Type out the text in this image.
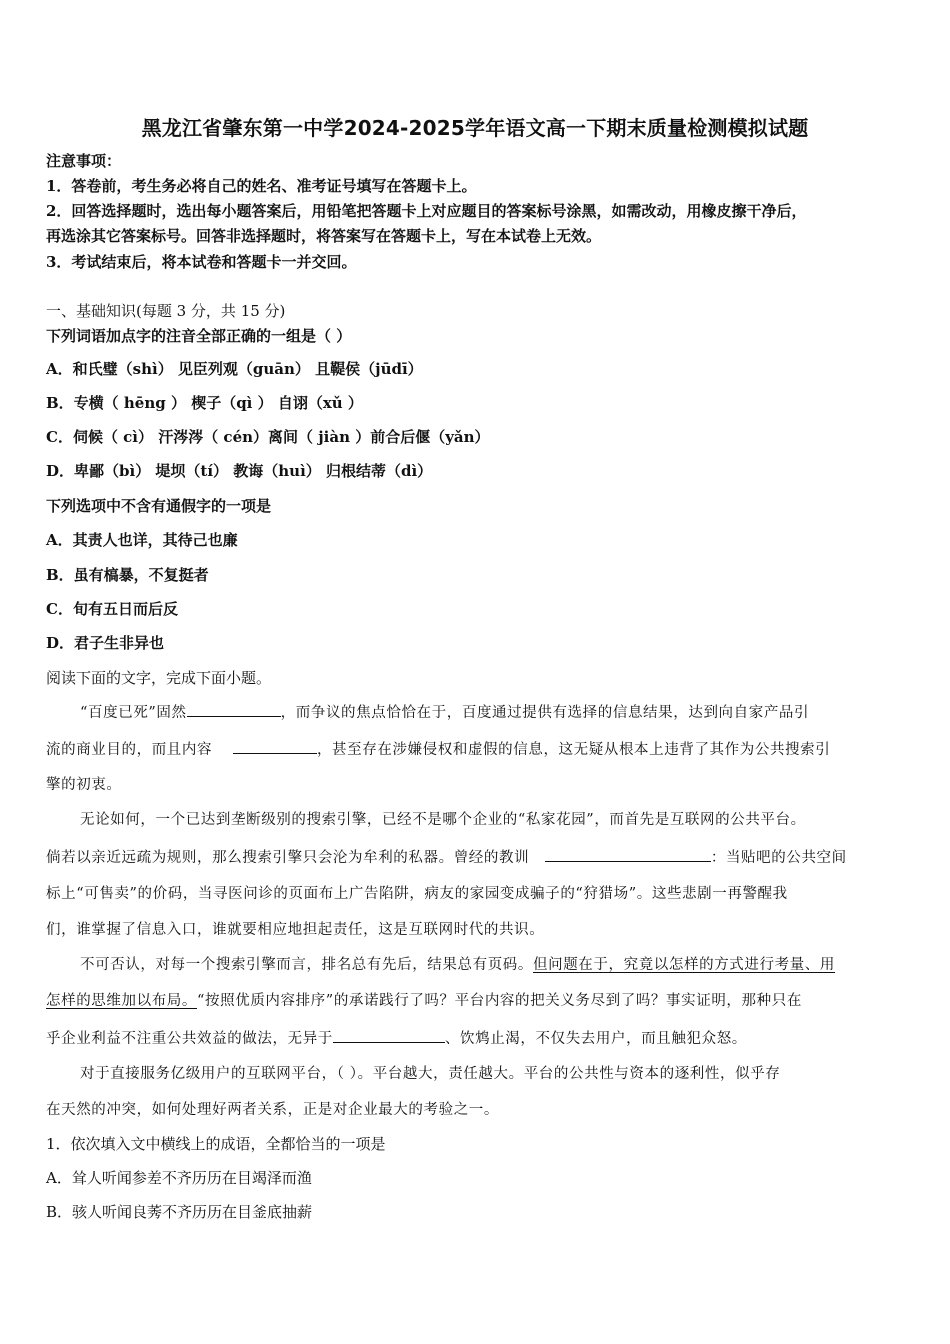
黑龙江省肇东第一中学2024-2025学年语文高一下期末质量检测模拟试题
注意事项：
1．答卷前，考生务必将自己的姓名、准考证号填写在答题卡上。
2．回答选择题时，选出每小题答案后，用铅笔把答题卡上对应题目的答案标号涂黑，如需改动，用橡皮擦干净后，
再选涂其它答案标号。回答非选择题时，将答案写在答题卡上，写在本试卷上无效。
3．考试结束后，将本试卷和答题卡一并交回。
一、基础知识(每题 3 分，共 15 分)
下列词语加点字的注音全部正确的一组是（ ）
A．和氏璧（shì） 见臣列观（guān） 且鞮侯（jūdī）
B．专横（ hēng ） 楔子（qì ） 自诩（xǔ ）
C．伺候（ cì） 汗涔涔（ cén）离间（ jiàn ）前合后偃（yǎn）
D．卑鄙（bì） 堤坝（tí） 教诲（huì） 归根结蒂（dì）
下列选项中不含有通假字的一项是
A．其责人也详，其待己也廉
B．虽有槁暴，不复挺者
C．旬有五日而后反
D．君子生非异也
阅读下面的文字，完成下面小题。
“百度已死”固然	，而争议的焦点恰恰在于，百度通过提供有选择的信息结果，达到向自家产品引
流的商业目的，而且内容	，甚至存在涉嫌侵权和虚假的信息，这无疑从根本上违背了其作为公共搜索引
擎的初衷。
无论如何，一个已达到垄断级别的搜索引擎，已经不是哪个企业的“私家花园”，而首先是互联网的公共平台。
倘若以亲近远疏为规则，那么搜索引擎只会沦为牟利的私器。曾经的教训	：当贴吧的公共空间
标上“可售卖”的价码，当寻医问诊的页面布上广告陷阱，病友的家园变成骗子的“狩猎场”。这些悲剧一再警醒我
们，谁掌握了信息入口，谁就要相应地担起责任，这是互联网时代的共识。
不可否认，对每一个搜索引擎而言，排名总有先后，结果总有页码。但问题在于，究竟以怎样的方式进行考量、用
怎样的思维加以布局。“按照优质内容排序”的承诺践行了吗？平台内容的把关义务尽到了吗？事实证明，那种只在
乎企业利益不注重公共效益的做法，无异于	、饮鸩止渴，不仅失去用户，而且触犯众怒。
对于直接服务亿级用户的互联网平台，（ ）。平台越大，责任越大。平台的公共性与资本的逐利性，似乎存
在天然的冲突，如何处理好两者关系，正是对企业最大的考验之一。
1．依次填入文中横线上的成语，全都恰当的一项是
A．耸人听闻参差不齐历历在目竭泽而渔
B．骇人听闻良莠不齐历历在目釜底抽薪
